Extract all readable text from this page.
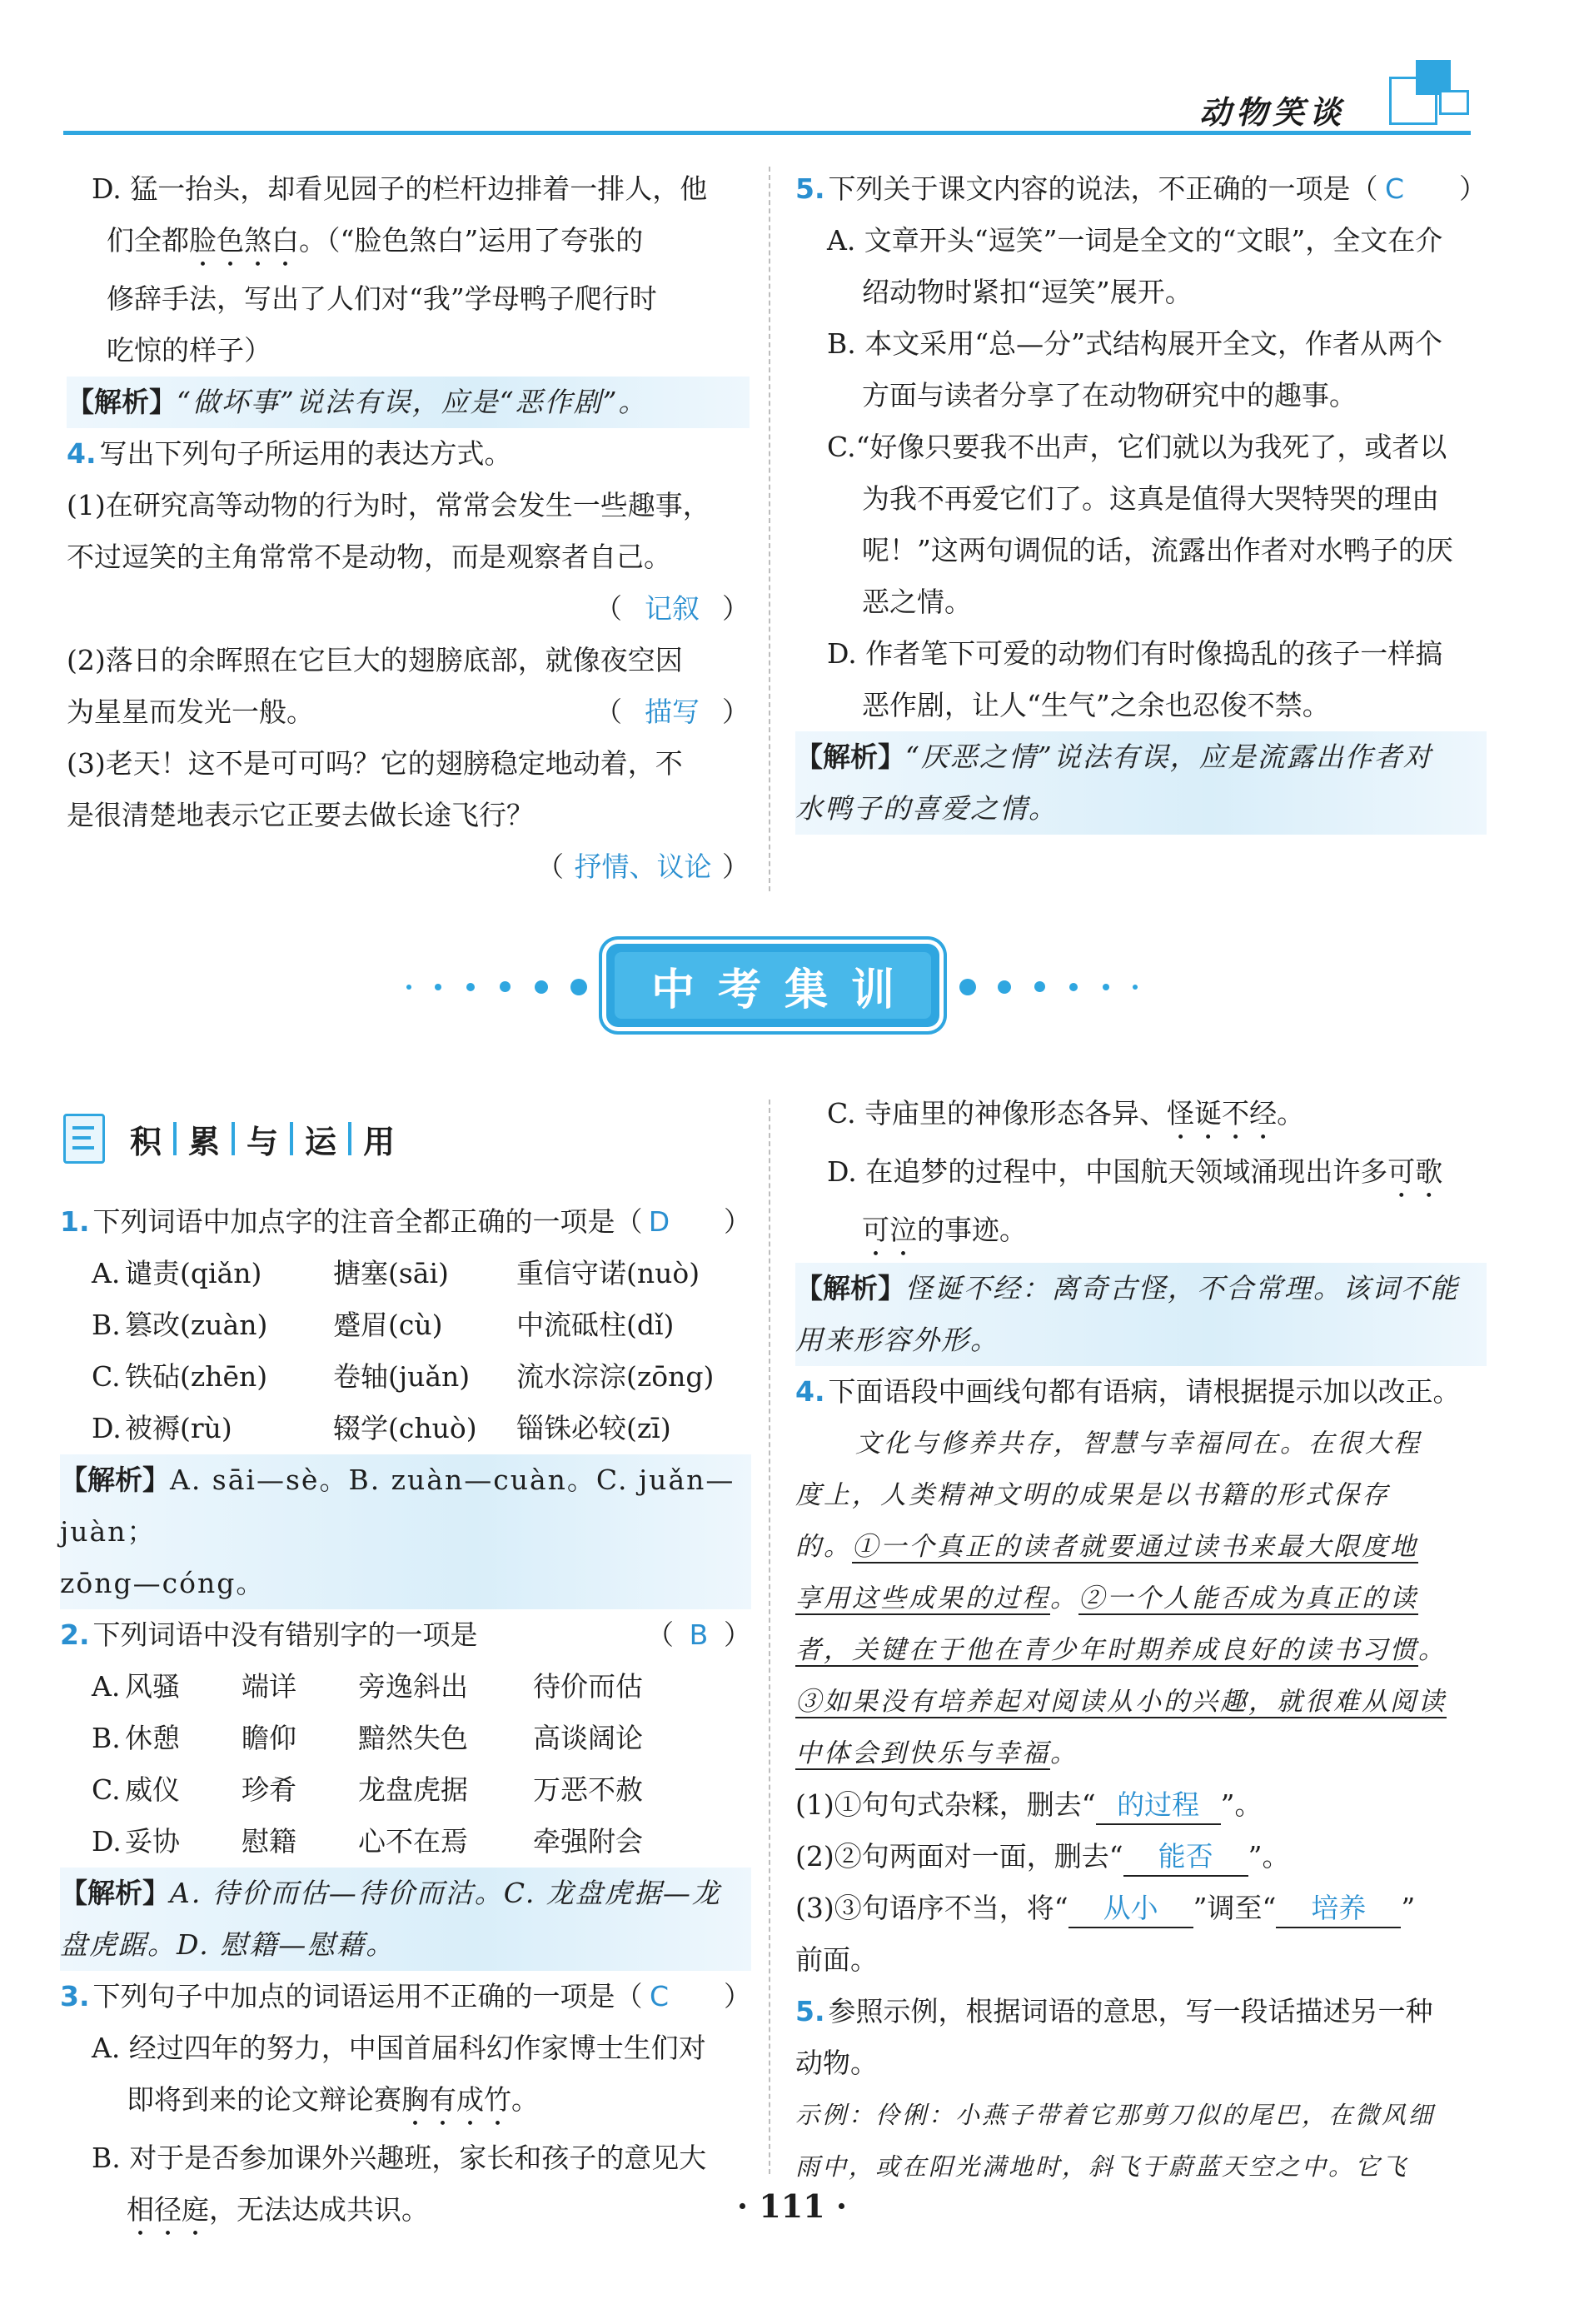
动物笑谈

D. 猛一抬头，却看见园子的栏杆边排着一排人，他

们全都脸色煞白。（“脸色煞白”运用了夸张的

修辞手法，写出了人们对“我”学母鸭子爬行时

吃惊的样子）

【解析】“做坏事”说法有误，应是“恶作剧”。

4. 写出下列句子所运用的表达方式。

(1)在研究高等动物的行为时，常常会发生一些趣事，

不过逗笑的主角常常不是动物，而是观察者自己。

（ 记叙 ）

(2)落日的余晖照在它巨大的翅膀底部，就像夜空因

为星星而发光一般。	（ 描写 ）

(3)老天！这不是可可吗？它的翅膀稳定地动着，不

是很清楚地表示它正要去做长途飞行？

（ 抒情、议论 ）

5. 下列关于课文内容的说法，不正确的一项是（ C ）

A. 文章开头“逗笑”一词是全文的“文眼”，全文在介

绍动物时紧扣“逗笑”展开。

B. 本文采用“总—分”式结构展开全文，作者从两个

方面与读者分享了在动物研究中的趣事。

C.“好像只要我不出声，它们就以为我死了，或者以

为我不再爱它们了。这真是值得大哭特哭的理由

呢！”这两句调侃的话，流露出作者对水鸭子的厌

恶之情。

D. 作者笔下可爱的动物们有时像捣乱的孩子一样搞

恶作剧，让人“生气”之余也忍俊不禁。

【解析】“厌恶之情”说法有误，应是流露出作者对

水鸭子的喜爱之情。

中考集训
积 累 与 运 用

1. 下列词语中加点字的注音全都正确的一项是（ D ）

A. 谴责(qiǎn)	搪塞(sāi)	重信守诺(nuò)
B. 篡改(zuàn)	蹙眉(cù)	中流砥柱(dǐ)
C. 铁砧(zhēn)	卷轴(juǎn)	流水淙淙(zōng)
D. 被褥(rù)	辍学(chuò)	锱铢必较(zī)

【解析】A. sāi—sè。B. zuàn—cuàn。C. juǎn—juàn；

zōng—cóng。

2. 下列词语中没有错别字的一项是	（ B ）

A. 风骚	端详	旁逸斜出	待价而估
B. 休憩	瞻仰	黯然失色	高谈阔论
C. 威仪	珍肴	龙盘虎据	万恶不赦
D. 妥协	慰籍	心不在焉	牵强附会

【解析】A. 待价而估—待价而沽。C. 龙盘虎据—龙

盘虎踞。D. 慰籍—慰藉。

3. 下列句子中加点的词语运用不正确的一项是（ C ）

A. 经过四年的努力，中国首届科幻作家博士生们对

即将到来的论文辩论赛胸有成竹。

B. 对于是否参加课外兴趣班，家长和孩子的意见大

相径庭，无法达成共识。

C. 寺庙里的神像形态各异、怪诞不经。

D. 在追梦的过程中，中国航天领域涌现出许多可歌

可泣的事迹。

【解析】怪诞不经：离奇古怪，不合常理。该词不能

用来形容外形。

4. 下面语段中画线句都有语病，请根据提示加以改正。

文化与修养共存，智慧与幸福同在。在很大程

度上，人类精神文明的成果是以书籍的形式保存

的。①一个真正的读者就要通过读书来最大限度地

享用这些成果的过程。②一个人能否成为真正的读

者，关键在于他在青少年时期养成良好的读书习惯。

③如果没有培养起对阅读从小的兴趣，就很难从阅读

中体会到快乐与幸福。

(1)①句句式杂糅，删去“ 的过程 ”。

(2)②句两面对一面，删去“ 能否 ”。

(3)③句语序不当，将“ 从小 ”调至“ 培养 ”

前面。

5. 参照示例，根据词语的意思，写一段话描述另一种

动物。

示例：伶俐：小燕子带着它那剪刀似的尾巴，在微风细

雨中，或在阳光满地时，斜飞于蔚蓝天空之中。它飞

· 111 ·
